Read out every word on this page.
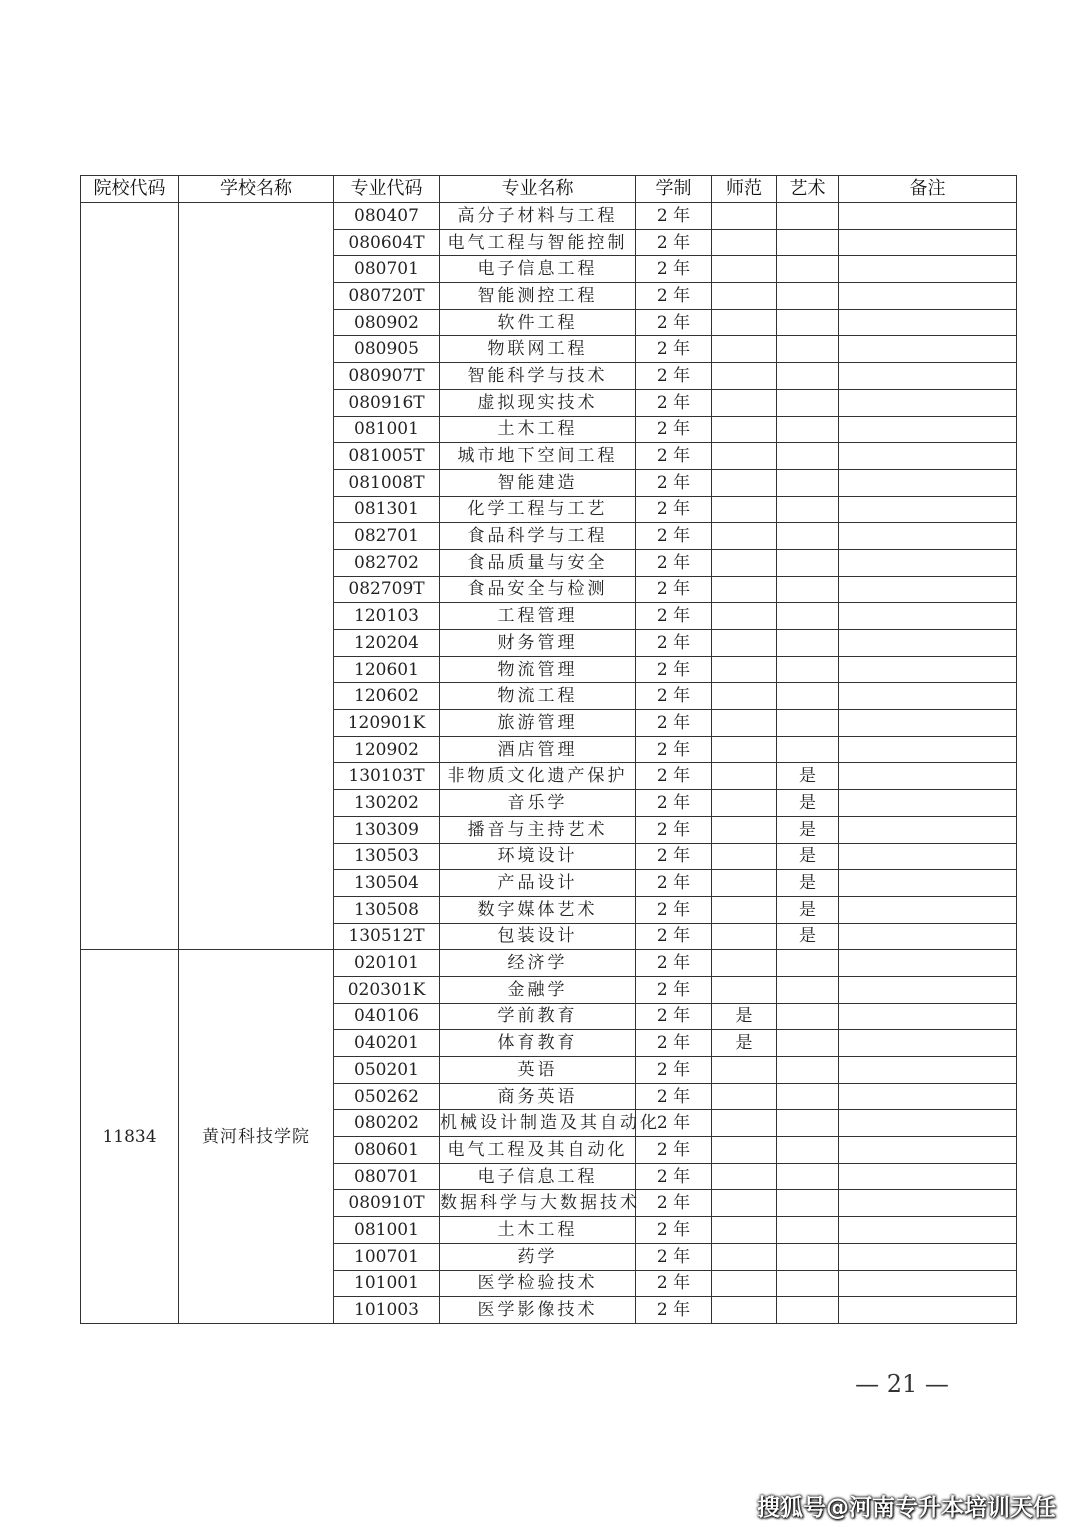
院校代码	学校名称	专业代码	专业名称	学制	师范	艺术	备注
		080407	高分子材料与工程	2 年			
		080604T	电气工程与智能控制	2 年			
		080701	电子信息工程	2 年			
		080720T	智能测控工程	2 年			
		080902	软件工程	2 年			
		080905	物联网工程	2 年			
		080907T	智能科学与技术	2 年			
		080916T	虚拟现实技术	2 年			
		081001	土木工程	2 年			
		081005T	城市地下空间工程	2 年			
		081008T	智能建造	2 年			
		081301	化学工程与工艺	2 年			
		082701	食品科学与工程	2 年			
		082702	食品质量与安全	2 年			
		082709T	食品安全与检测	2 年			
		120103	工程管理	2 年			
		120204	财务管理	2 年			
		120601	物流管理	2 年			
		120602	物流工程	2 年			
		120901K	旅游管理	2 年			
		120902	酒店管理	2 年			
		130103T	非物质文化遗产保护	2 年		是	
		130202	音乐学	2 年		是	
		130309	播音与主持艺术	2 年		是	
		130503	环境设计	2 年		是	
		130504	产品设计	2 年		是	
		130508	数字媒体艺术	2 年		是	
		130512T	包装设计	2 年		是	
11834	黄河科技学院	020101	经济学	2 年			
		020301K	金融学	2 年			
		040106	学前教育	2 年	是		
		040201	体育教育	2 年	是		
		050201	英语	2 年			
		050262	商务英语	2 年			
		080202	机械设计制造及其自动化	2 年			
		080601	电气工程及其自动化	2 年			
		080701	电子信息工程	2 年			
		080910T	数据科学与大数据技术	2 年			
		081001	土木工程	2 年			
		100701	药学	2 年			
		101001	医学检验技术	2 年			
		101003	医学影像技术	2 年			
— 21 —
搜狐号@河南专升本培训天任
